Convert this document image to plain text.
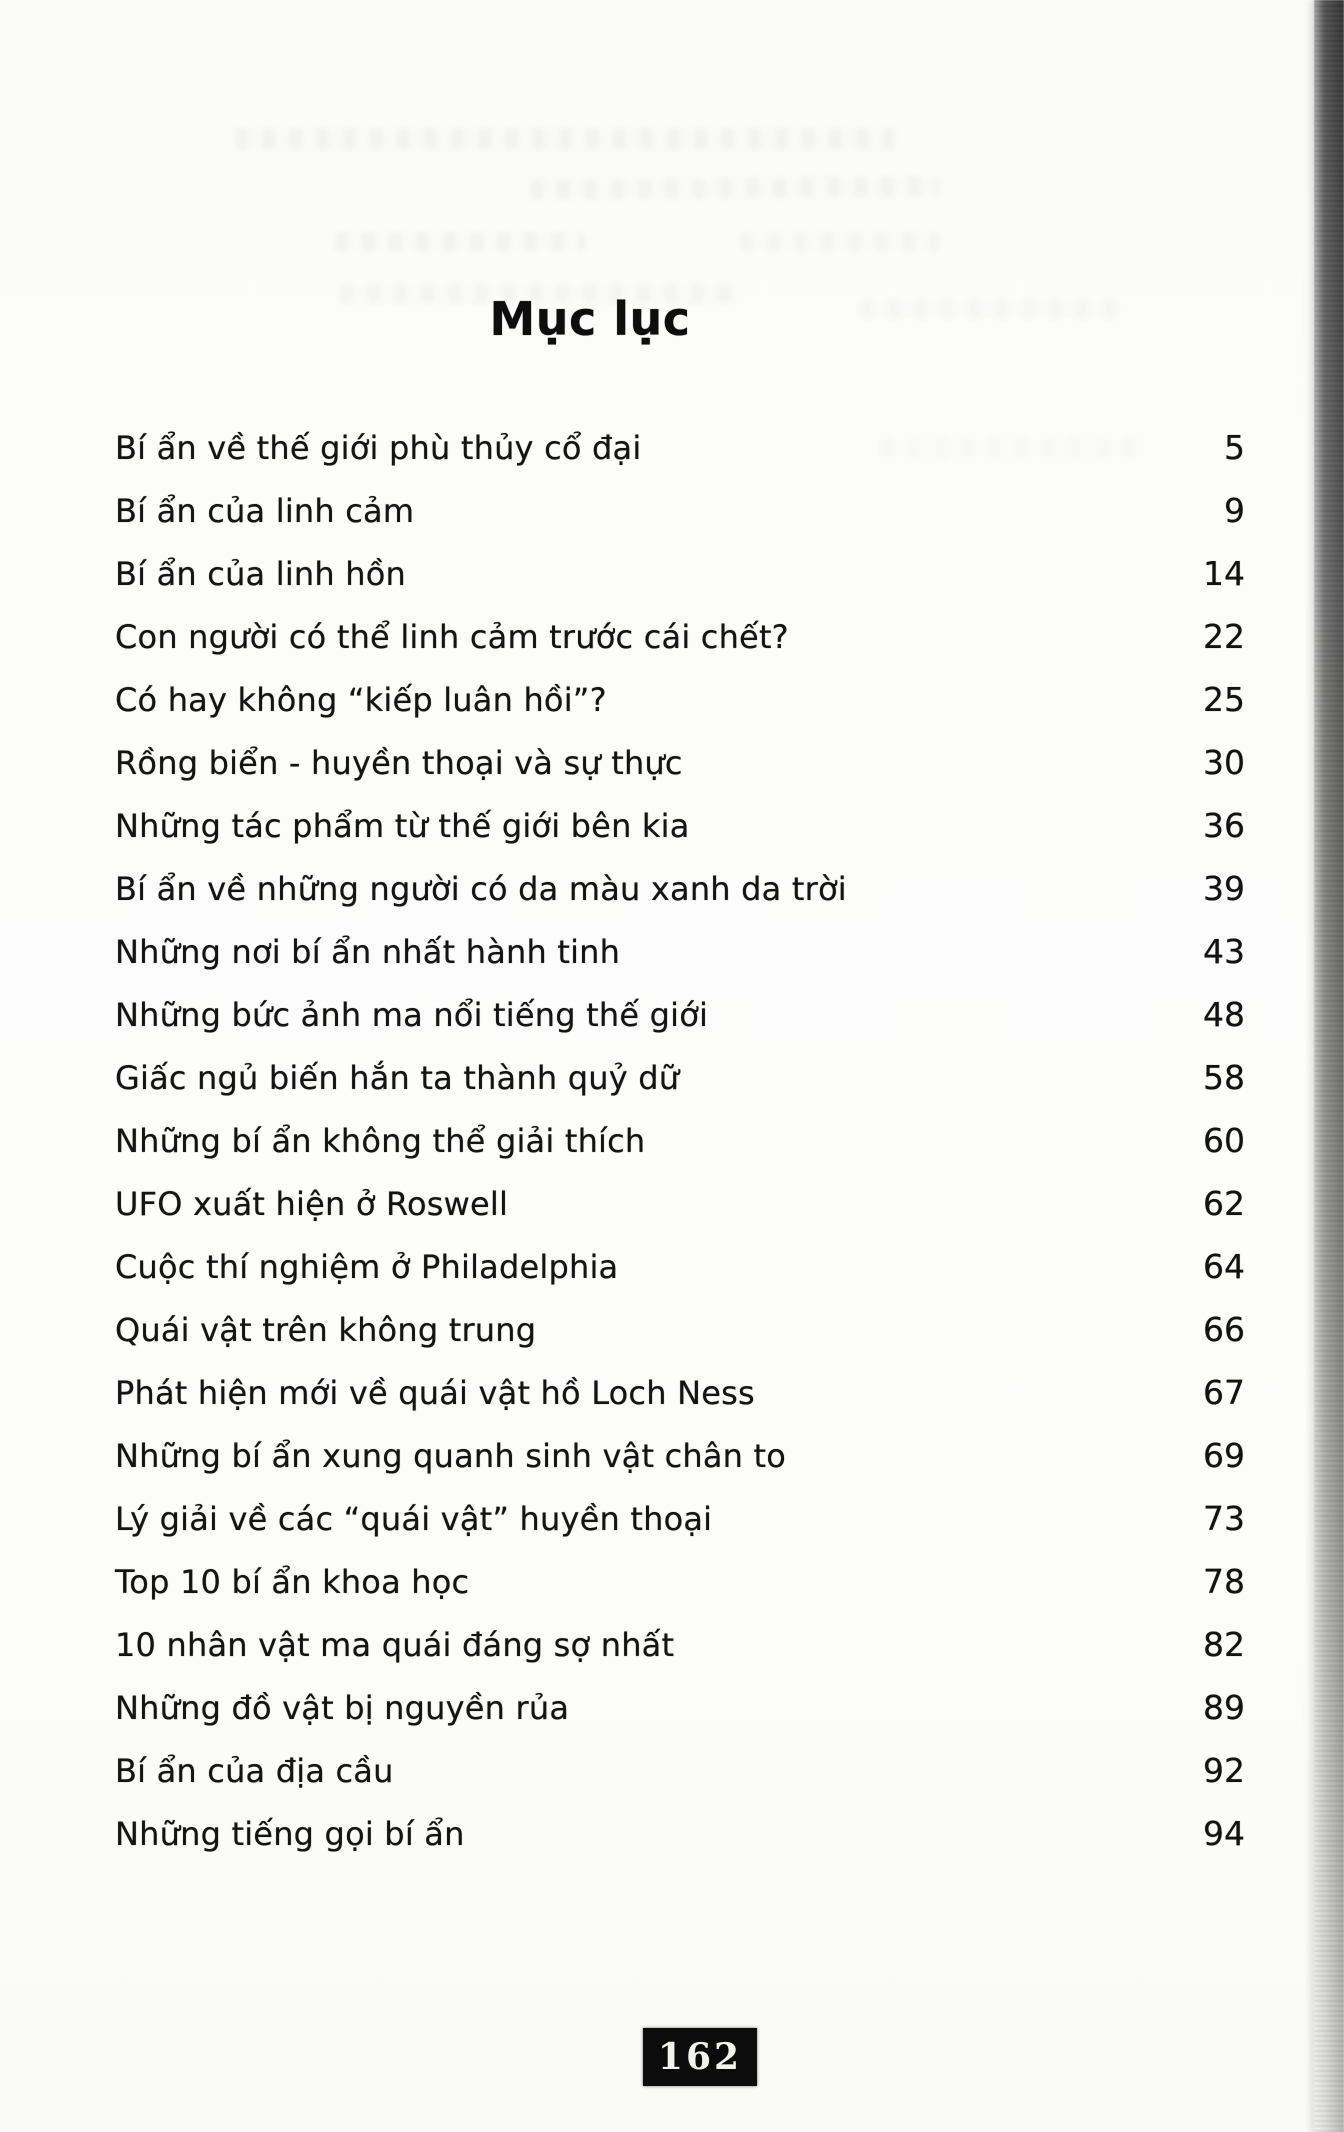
Mục lục
Bí ẩn về thế giới phù thủy cổ đại	5
Bí ẩn của linh cảm	9
Bí ẩn của linh hồn	14
Con người có thể linh cảm trước cái chết?	22
Có hay không “kiếp luân hồi”?	25
Rồng biển - huyền thoại và sự thực	30
Những tác phẩm từ thế giới bên kia	36
Bí ẩn về những người có da màu xanh da trời	39
Những nơi bí ẩn nhất hành tinh	43
Những bức ảnh ma nổi tiếng thế giới	48
Giấc ngủ biến hắn ta thành quỷ dữ	58
Những bí ẩn không thể giải thích	60
UFO xuất hiện ở Roswell	62
Cuộc thí nghiệm ở Philadelphia	64
Quái vật trên không trung	66
Phát hiện mới về quái vật hồ Loch Ness	67
Những bí ẩn xung quanh sinh vật chân to	69
Lý giải về các “quái vật” huyền thoại	73
Top 10 bí ẩn khoa học	78
10 nhân vật ma quái đáng sợ nhất	82
Những đồ vật bị nguyền rủa	89
Bí ẩn của địa cầu	92
Những tiếng gọi bí ẩn	94
162
